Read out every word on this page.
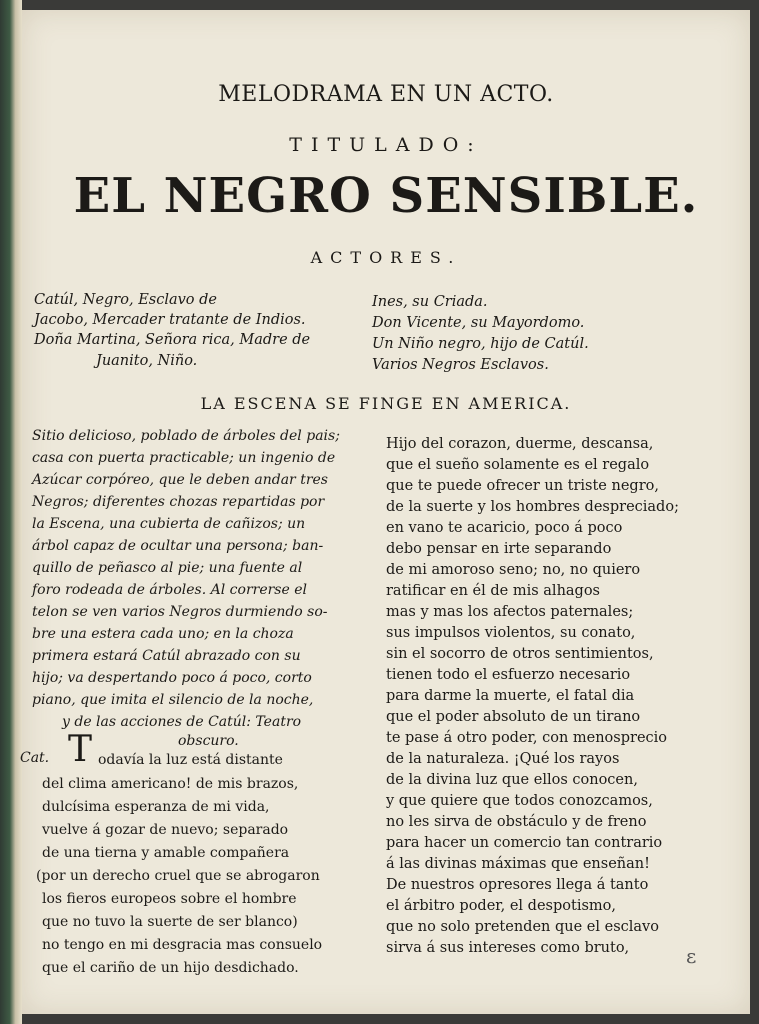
MELODRAMA EN UN ACTO.
TITULADO:
EL NEGRO SENSIBLE.
ACTORES.
Catúl, Negro, Esclavo de
Jacobo, Mercader tratante de Indios.
Doña Martina, Señora rica, Madre de
Juanito, Niño.
Ines, su Criada.
Don Vicente, su Mayordomo.
Un Niño negro, hijo de Catúl.
Varios Negros Esclavos.
LA ESCENA SE FINGE EN AMERICA.
Sitio delicioso, poblado de árboles del pais;
casa con puerta practicable; un ingenio de
Azúcar corpóreo, que le deben andar tres
Negros; diferentes chozas repartidas por
la Escena, una cubierta de cañizos; un
árbol capaz de ocultar una persona; ban-
quillo de peñasco al pie; una fuente al
foro rodeada de árboles. Al correrse el
telon se ven varios Negros durmiendo so-
bre una estera cada uno; en la choza
primera estará Catúl abrazado con su
hijo; va despertando poco á poco, corto
piano, que imita el silencio de la noche,
y de las acciones de Catúl: Teatro
obscuro.
Cat. T odavía la luz está distante
del clima americano! de mis brazos,
dulcísima esperanza de mi vida,
vuelve á gozar de nuevo; separado
de una tierna y amable compañera
(por un derecho cruel que se abrogaron
los fieros europeos sobre el hombre
que no tuvo la suerte de ser blanco)
no tengo en mi desgracia mas consuelo
que el cariño de un hijo desdichado.
Hijo del corazon, duerme, descansa,
que el sueño solamente es el regalo
que te puede ofrecer un triste negro,
de la suerte y los hombres despreciado;
en vano te acaricio, poco á poco
debo pensar en irte separando
de mi amoroso seno; no, no quiero
ratificar en él de mis alhagos
mas y mas los afectos paternales;
sus impulsos violentos, su conato,
sin el socorro de otros sentimientos,
tienen todo el esfuerzo necesario
para darme la muerte, el fatal dia
que el poder absoluto de un tirano
te pase á otro poder, con menosprecio
de la naturaleza. ¡Qué los rayos
de la divina luz que ellos conocen,
y que quiere que todos conozcamos,
no les sirva de obstáculo y de freno
para hacer un comercio tan contrario
á las divinas máximas que enseñan!
De nuestros opresores llega á tanto
el árbitro poder, el despotismo,
que no solo pretenden que el esclavo
sirva á sus intereses como bruto,	ɛ
